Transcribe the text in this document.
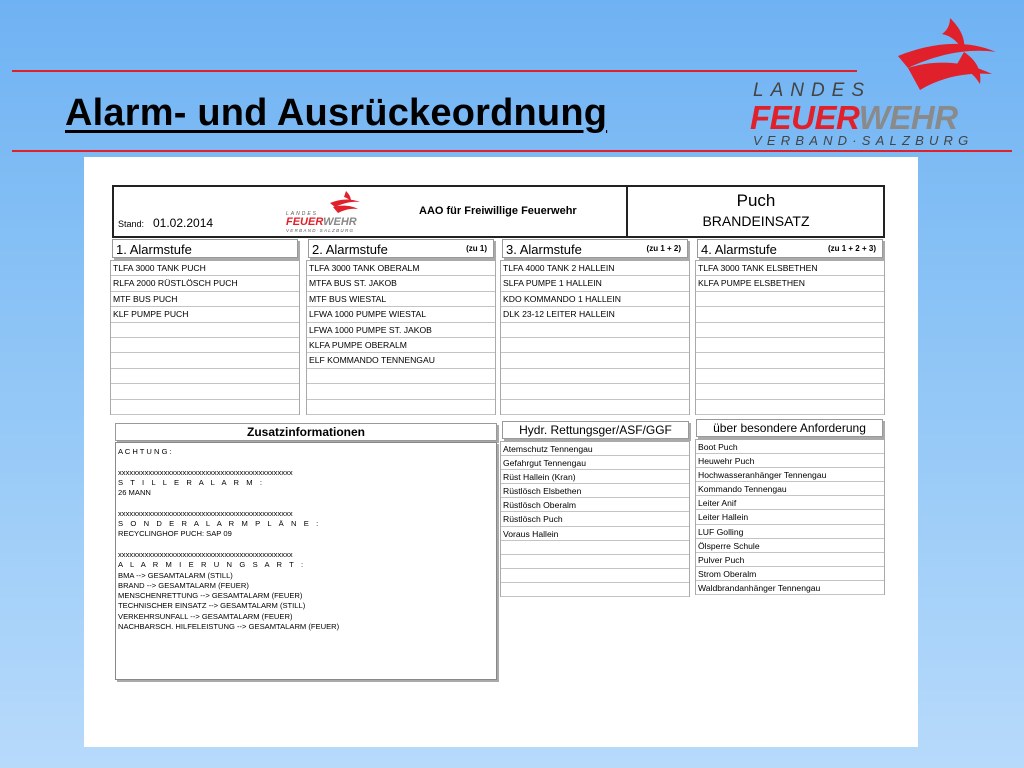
Alarm- und Ausrückeordnung
LANDES
FEUERWEHR
VERBAND·SALZBURG
Stand: 01.02.2014
LANDES
FEUERWEHR
VERBAND·SALZBURG
AAO für Freiwillige Feuerwehr
Puch
BRANDEINSATZ
1. Alarmstufe
TLFA 3000 TANK PUCH
RLFA 2000 RÜSTLÖSCH PUCH
MTF BUS PUCH
KLF PUMPE PUCH
2. Alarmstufe	(zu 1)
TLFA 3000 TANK OBERALM
MTFA BUS ST. JAKOB
MTF BUS WIESTAL
LFWA 1000 PUMPE WIESTAL
LFWA 1000 PUMPE ST. JAKOB
KLFA PUMPE OBERALM
ELF KOMMANDO TENNENGAU
3. Alarmstufe	(zu 1 + 2)
TLFA 4000 TANK 2 HALLEIN
SLFA PUMPE 1 HALLEIN
KDO KOMMANDO 1 HALLEIN
DLK 23-12 LEITER HALLEIN
4. Alarmstufe	(zu 1 + 2 + 3)
TLFA 3000 TANK ELSBETHEN
KLFA PUMPE ELSBETHEN
Zusatzinformationen
A C H T U N G :

xxxxxxxxxxxxxxxxxxxxxxxxxxxxxxxxxxxxxxxxxxxxxx
S T I L L E R A L A R M :
26 MANN

xxxxxxxxxxxxxxxxxxxxxxxxxxxxxxxxxxxxxxxxxxxxxx
S O N D E R A L A R M P L Ä N E :
RECYCLINGHOF PUCH: SAP 09

xxxxxxxxxxxxxxxxxxxxxxxxxxxxxxxxxxxxxxxxxxxxxx
A L A R M I E R U N G S A R T :
BMA --> GESAMTALARM (STILL)
BRAND --> GESAMTALARM (FEUER)
MENSCHENRETTUNG --> GESAMTALARM (FEUER)
TECHNISCHER EINSATZ --> GESAMTALARM (STILL)
VERKEHRSUNFALL --> GESAMTALARM (FEUER)
NACHBARSCH. HILFELEISTUNG --> GESAMTALARM (FEUER)
Hydr. Rettungsger/ASF/GGF
Atemschutz Tennengau
Gefahrgut Tennengau
Rüst Hallein (Kran)
Rüstlösch Elsbethen
Rüstlösch Oberalm
Rüstlösch Puch
Voraus Hallein
über besondere Anforderung
Boot Puch
Heuwehr Puch
Hochwasseranhänger Tennengau
Kommando Tennengau
Leiter Anif
Leiter Hallein
LUF Golling
Ölsperre Schule
Pulver Puch
Strom Oberalm
Waldbrandanhänger Tennengau
